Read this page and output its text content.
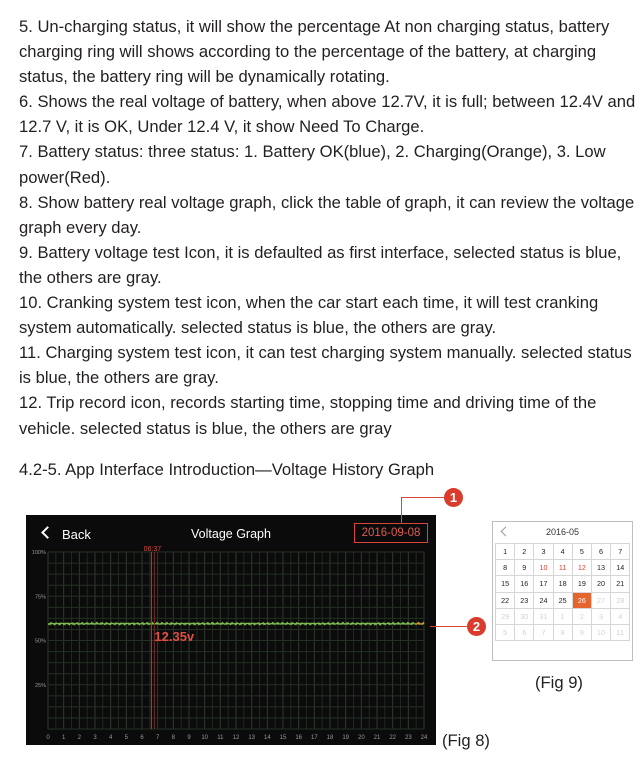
5. Un-charging status, it will show the percentage At non charging status, battery charging ring will shows according to the percentage of the battery, at charging status, the battery ring will be dynamically rotating.

6. Shows the real voltage of battery, when above 12.7V, it is full; between 12.4V and 12.7 V, it is OK, Under 12.4 V, it show Need To Charge.

7. Battery status: three status: 1. Battery OK(blue), 2. Charging(Orange), 3. Low power(Red).

8. Show battery real voltage graph, click the table of graph, it can review the voltage graph every day.

9. Battery voltage test Icon, it is defaulted as first interface, selected status is blue, the others are gray.

10. Cranking system test icon, when the car start each time, it will test cranking system automatically. selected status is blue, the others are gray.

11. Charging system test icon, it can test charging system manually. selected status is blue, the others are gray.

12. Trip record icon, records starting time, stopping time and driving time of the vehicle. selected status is blue, the others are gray

4.2-5. App Interface Introduction—Voltage History Graph
100%
75%
50%
25%
0 1 2 3 4 5 6 7 8 9 10 11 12 13 14 15 16 17 18 19 20 21 22 23 24
06:37
12.35v
Back	Voltage Graph	2016-09-08	2016-05
1	2	3	4	5	6	7
8	9	10	11	12	13	14
15	16	17	18	19	20	21
22	23	24	25	26	27	28
29	30	31	1	2	3	4
5	6	7	8	9	10	11
(Fig 9)
(Fig 8)
1
2
